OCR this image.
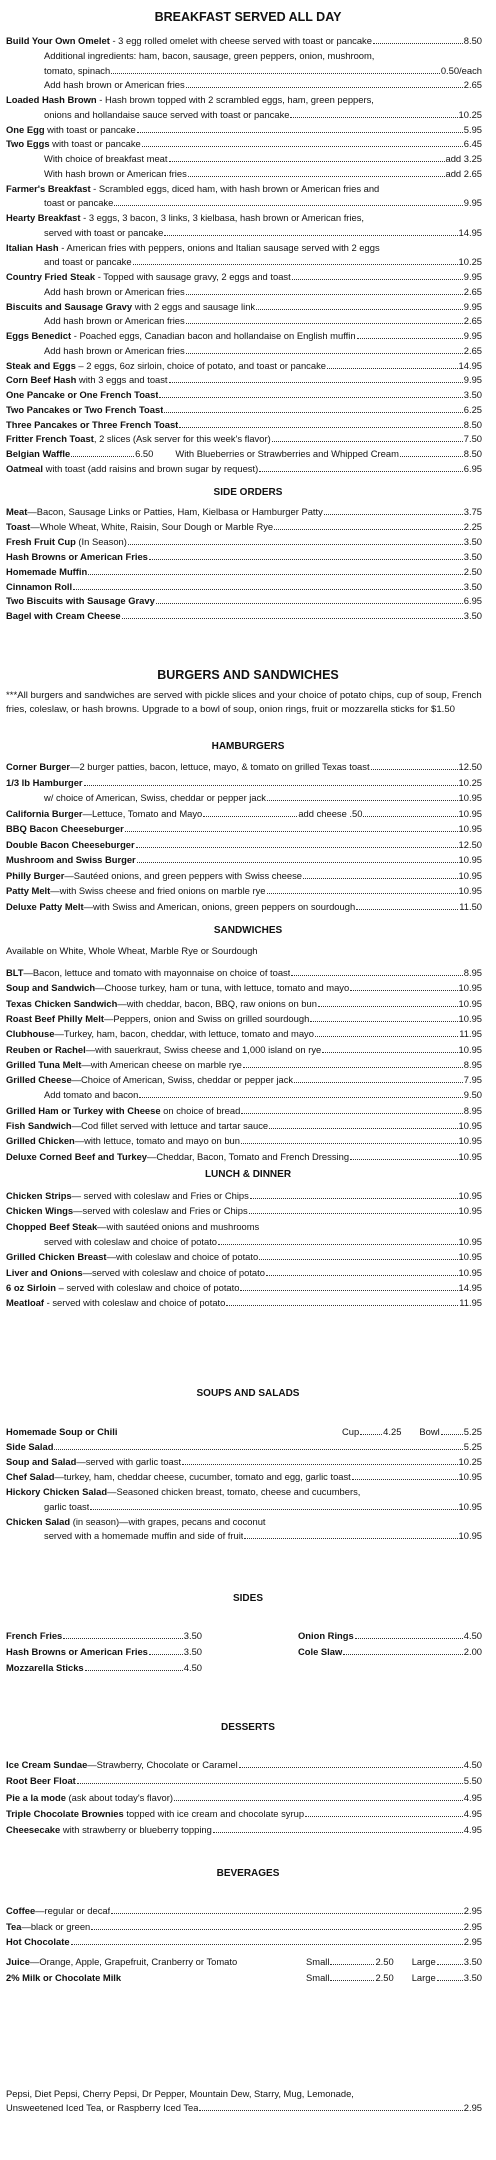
BREAKFAST SERVED ALL DAY
Build Your Own Omelet - 3 egg rolled omelet with cheese served with toast or pancake	8.50
Additional ingredients: ham, bacon, sausage, green peppers, onion, mushroom,
tomato, spinach	0.50/each
Add hash brown or American fries	2.65
Loaded Hash Brown - Hash brown topped with 2 scrambled eggs, ham, green peppers,
onions and hollandaise sauce served with toast or pancake	10.25
One Egg with toast or pancake	5.95
Two Eggs with toast or pancake	6.45
With choice of breakfast meat	add 3.25
With hash brown or American fries	add 2.65
Farmer's Breakfast - Scrambled eggs, diced ham, with hash brown or American fries and
toast or pancake	9.95
Hearty Breakfast - 3 eggs, 3 bacon, 3 links, 3 kielbasa, hash brown or American fries,
served with toast or pancake	14.95
Italian Hash - American fries with peppers, onions and Italian sausage served with 2 eggs
and toast or pancake	10.25
Country Fried Steak - Topped with sausage gravy, 2 eggs and toast	9.95
Add hash brown or American fries	2.65
Biscuits and Sausage Gravy with 2 eggs and sausage link	9.95
Add hash brown or American fries	2.65
Eggs Benedict - Poached eggs, Canadian bacon and hollandaise on English muffin	9.95
Add hash brown or American fries	2.65
Steak and Eggs – 2 eggs, 6oz sirloin, choice of potato, and toast or pancake	14.95
Corn Beef Hash with 3 eggs and toast	9.95
One Pancake or One French Toast	3.50
Two Pancakes or Two French Toast	6.25
Three Pancakes or Three French Toast	8.50
Fritter French Toast, 2 slices (Ask server for this week's flavor)	7.50
Belgian Waffle	6.50 With Blueberries or Strawberries and Whipped Cream	8.50
Oatmeal with toast (add raisins and brown sugar by request)	6.95
SIDE ORDERS
Meat—Bacon, Sausage Links or Patties, Ham, Kielbasa or Hamburger Patty	3.75
Toast—Whole Wheat, White, Raisin, Sour Dough or Marble Rye	2.25
Fresh Fruit Cup (In Season)	3.50
Hash Browns or American Fries	3.50
Homemade Muffin	2.50
Cinnamon Roll	3.50
Two Biscuits with Sausage Gravy	6.95
Bagel with Cream Cheese	3.50
BURGERS AND SANDWICHES
***All burgers and sandwiches are served with pickle slices and your choice of potato chips, cup of soup, French fries, coleslaw, or hash browns. Upgrade to a bowl of soup, onion rings, fruit or mozzarella sticks for $1.50
HAMBURGERS
Corner Burger—2 burger patties, bacon, lettuce, mayo, & tomato on grilled Texas toast	12.50
1/3 lb Hamburger	10.25
w/ choice of American, Swiss, cheddar or pepper jack	10.95
California Burger—Lettuce, Tomato and Mayo	add cheese .50	10.95
BBQ Bacon Cheeseburger	10.95
Double Bacon Cheeseburger	12.50
Mushroom and Swiss Burger	10.95
Philly Burger—Sautéed onions, and green peppers with Swiss cheese	10.95
Patty Melt—with Swiss cheese and fried onions on marble rye	10.95
Deluxe Patty Melt—with Swiss and American, onions, green peppers on sourdough	11.50
SANDWICHES
Available on White, Whole Wheat, Marble Rye or Sourdough
BLT—Bacon, lettuce and tomato with mayonnaise on choice of toast	8.95
Soup and Sandwich—Choose turkey, ham or tuna, with lettuce, tomato and mayo	10.95
Texas Chicken Sandwich—with cheddar, bacon, BBQ, raw onions on bun	10.95
Roast Beef Philly Melt—Peppers, onion and Swiss on grilled sourdough	10.95
Clubhouse—Turkey, ham, bacon, cheddar, with lettuce, tomato and mayo	11.95
Reuben or Rachel—with sauerkraut, Swiss cheese and 1,000 island on rye	10.95
Grilled Tuna Melt—with American cheese on marble rye	8.95
Grilled Cheese—Choice of American, Swiss, cheddar or pepper jack	7.95
Add tomato and bacon	9.50
Grilled Ham or Turkey with Cheese on choice of bread	8.95
Fish Sandwich—Cod fillet served with lettuce and tartar sauce	10.95
Grilled Chicken—with lettuce, tomato and mayo on bun	10.95
Deluxe Corned Beef and Turkey—Cheddar, Bacon, Tomato and French Dressing	10.95
LUNCH & DINNER
Chicken Strips— served with coleslaw and Fries or Chips	10.95
Chicken Wings—served with coleslaw and Fries or Chips	10.95
Chopped Beef Steak—with sautéed onions and mushrooms
served with coleslaw and choice of potato	10.95
Grilled Chicken Breast—with coleslaw and choice of potato	10.95
Liver and Onions—served with coleslaw and choice of potato	10.95
6 oz Sirloin – served with coleslaw and choice of potato	14.95
Meatloaf - served with coleslaw and choice of potato	11.95
SOUPS AND SALADS
Homemade Soup or Chili	Cup	4.25 Bowl	5.25
Side Salad	5.25
Soup and Salad—served with garlic toast	10.25
Chef Salad—turkey, ham, cheddar cheese, cucumber, tomato and egg, garlic toast	10.95
Hickory Chicken Salad—Seasoned chicken breast, tomato, cheese and cucumbers,
garlic toast	10.95
Chicken Salad (in season)—with grapes, pecans and coconut
served with a homemade muffin and side of fruit	10.95
SIDES
French Fries	3.50
Hash Browns or American Fries	3.50
Mozzarella Sticks	4.50
Onion Rings	4.50
Cole Slaw	2.00
DESSERTS
Ice Cream Sundae—Strawberry, Chocolate or Caramel	4.50
Root Beer Float	5.50
Pie a la mode (ask about today's flavor)	4.95
Triple Chocolate Brownies topped with ice cream and chocolate syrup	4.95
Cheesecake with strawberry or blueberry topping	4.95
BEVERAGES
Coffee—regular or decaf	2.95
Tea—black or green	2.95
Hot Chocolate	2.95
Juice—Orange, Apple, Grapefruit, Cranberry or Tomato	Small	2.50 Large	3.50
2% Milk or Chocolate Milk	Small	2.50 Large	3.50
Pepsi, Diet Pepsi, Cherry Pepsi, Dr Pepper, Mountain Dew, Starry, Mug, Lemonade,
Unsweetened Iced Tea, or Raspberry Iced Tea	2.95
